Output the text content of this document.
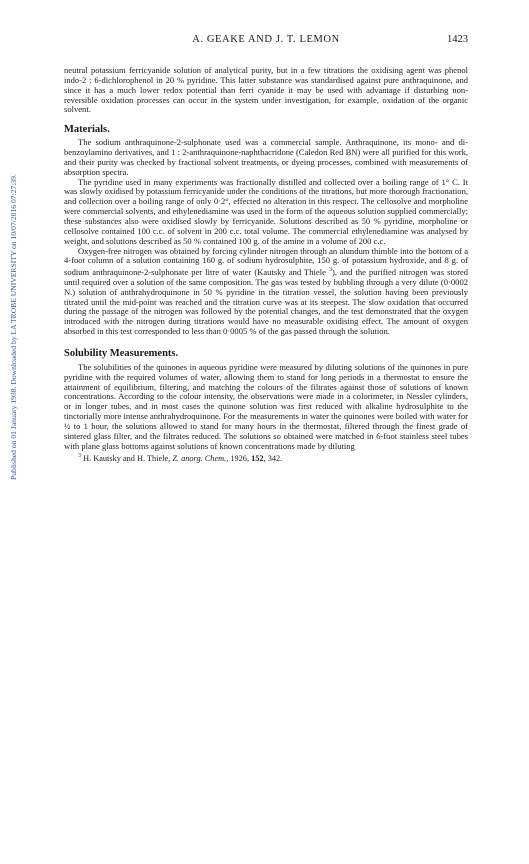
Published on 01 January 1938. Downloaded by LA TROBE UNIVERSITY on 10/07/2016 07:27:39.
A. GEAKE AND J. T. LEMON	1423

neutral potassium ferricyanide solution of analytical purity, but in a few titrations the oxidising agent was phenol indo-2 : 6-dichlorophenol in 20 % pyridine. This latter substance was standardised against pure anthraquinone, and since it has a much lower redox potential than ferri cyanide it may be used with advantage if disturbing non-reversible oxidation processes can occur in the system under investigation, for example, oxidation of the organic solvent.

Materials.

The sodium anthraquinone-2-sulphonate used was a commercial sample. Anthraquinone, its mono- and di-benzoylamino derivatives, and 1 : 2-anthraquinone-naphthacridone (Caledon Red BN) were all purified for this work, and their purity was checked by fractional solvent treatments, or dyeing processes, combined with measurements of absorption spectra.

The pyridine used in many experiments was fractionally distilled and collected over a boiling range of 1° C. It was slowly oxidised by potassium ferricyanide under the conditions of the titrations, but more thorough fractionation, and collection over a boiling range of only 0·2°, effected no alteration in this respect. The cellosolve and morpholine were commercial solvents, and ethylenediamine was used in the form of the aqueous solution supplied commercially; these substances also were oxidised slowly by ferricyanide. Solutions described as 50 % pyridine, morpholine or cellosolve contained 100 c.c. of solvent in 200 c.c. total volume. The commercial ethylenediamine was analysed by weight, and solutions described as 50 % contained 100 g. of the amine in a volume of 200 c.c.

Oxygen-free nitrogen was obtained by forcing cylinder nitrogen through an alundum thimble into the bottom of a 4-foot column of a solution containing 160 g. of sodium hydrosulphite, 150 g. of potassium hydroxide, and 8 g. of sodium anthraquinone-2-sulphonate per litre of water (Kautsky and Thiele $^3$), and the purified nitrogen was stored until required over a solution of the same composition. The gas was tested by bubbling through a very dilute (0·0002 N.) solution of anthrahydroquinone in 50 % pyridine in the titration vessel, the solution having been previously titrated until the mid-point was reached and the titration curve was at its steepest. The slow oxidation that occurred during the passage of the nitrogen was followed by the potential changes, and the test demonstrated that the oxygen introduced with the nitrogen during titrations would have no measurable oxidising effect. The amount of oxygen absorbed in this test corresponded to less than 0·0005 % of the gas passed through the solution.

Solubility Measurements.

The solubilities of the quinones in aqueous pyridine were measured by diluting solutions of the quinones in pure pyridine with the required volumes of water, allowing them to stand for long periods in a thermostat to ensure the attainment of equilibrium, filtering, and matching the colours of the filtrates against those of solutions of known concentrations. According to the colour intensity, the observations were made in a colorimeter, in Nessler cylinders, or in longer tubes, and in most cases the quinone solution was first reduced with alkaline hydrosulphite to the tinctorially more intense anthrahydroquinone. For the measurements in water the quinones were boiled with water for ½ to 1 hour, the solutions allowed to stand for many hours in the thermostat, filtered through the finest grade of sintered glass filter, and the filtrates reduced. The solutions so obtained were matched in 6-foot stainless steel tubes with plane glass bottoms against solutions of known concentrations made by diluting

$^3$ H. Kautsky and H. Thiele, Z. anorg. Chem., 1926, 152, 342.
